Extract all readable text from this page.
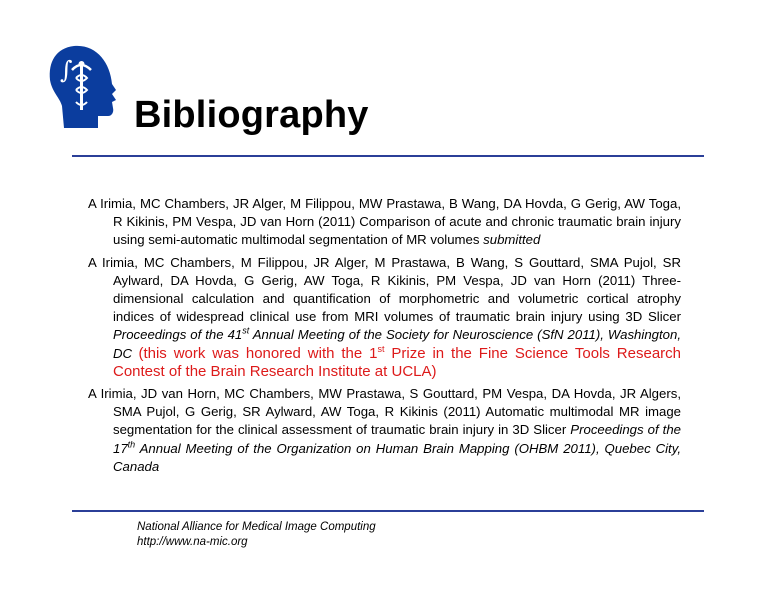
∫
Bibliography

A Irimia, MC Chambers, JR Alger, M Filippou, MW Prastawa, B Wang, DA Hovda, G Gerig, AW Toga, R Kikinis, PM Vespa, JD van Horn (2011) Comparison of acute and chronic traumatic brain injury using semi-automatic multimodal segmentation of MR volumes submitted

A Irimia, MC Chambers, M Filippou, JR Alger, M Prastawa, B Wang, S Gouttard, SMA Pujol, SR Aylward, DA Hovda, G Gerig, AW Toga, R Kikinis, PM Vespa, JD van Horn (2011) Three-dimensional calculation and quantification of morphometric and volumetric cortical atrophy indices of widespread clinical use from MRI volumes of traumatic brain injury using 3D Slicer Proceedings of the 41st Annual Meeting of the Society for Neuroscience (SfN 2011), Washington, DC (this work was honored with the 1st Prize in the Fine Science Tools Research Contest of the Brain Research Institute at UCLA)

A Irimia, JD van Horn, MC Chambers, MW Prastawa, S Gouttard, PM Vespa, DA Hovda, JR Algers, SMA Pujol, G Gerig, SR Aylward, AW Toga, R Kikinis (2011) Automatic multimodal MR image segmentation for the clinical assessment of traumatic brain injury in 3D Slicer Proceedings of the 17th Annual Meeting of the Organization on Human Brain Mapping (OHBM 2011), Quebec City, Canada

National Alliance for Medical Image Computing
http://www.na-mic.org
